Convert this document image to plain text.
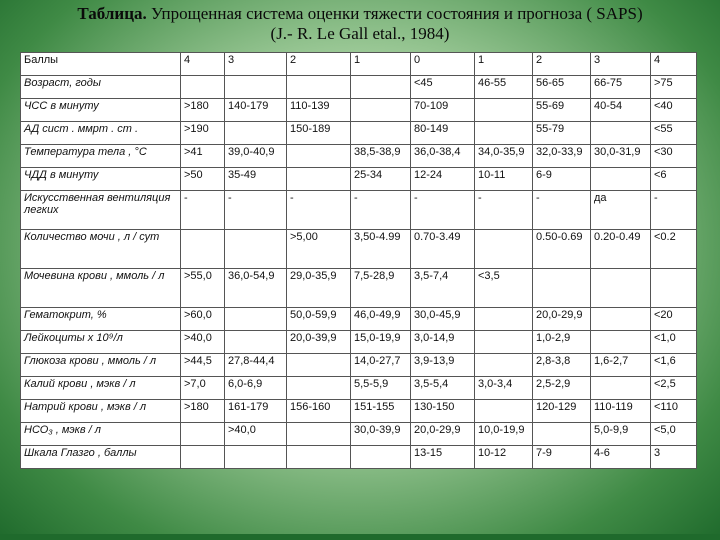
Таблица. Упрощенная система оценки тяжести состояния и прогноза ( SAPS)
(J.- R. Le Gall etal., 1984)
Баллы	4	3	2	1	0	1	2	3	4
Возраст, годы					<45	46-55	56-65	66-75	>75
ЧСС в минуту	>180	140-179	110-139		70-109		55-69	40-54	<40
АД сист . ммрт . ст .	>190		150-189		80-149		55-79		<55
Температура тела , °С	>41	39,0-40,9		38,5-38,9	36,0-38,4	34,0-35,9	32,0-33,9	30,0-31,9	<30
ЧДД в минуту	>50	35-49		25-34	12-24	10-11	6-9		<6
Искусственная вентиляция легких	-	-	-	-	-	-	-	да	-
Количество мочи , л / сут			>5,00	3,50-4.99	0.70-3.49		0.50-0.69	0.20-0.49	<0.2
Мочевина крови , ммоль / л	>55,0	36,0-54,9	29,0-35,9	7,5-28,9	3,5-7,4	<3,5			
Гематокрит, %	>60,0		50,0-59,9	46,0-49,9	30,0-45,9		20,0-29,9		<20
Лейкоциты х 10⁹/л	>40,0		20,0-39,9	15,0-19,9	3,0-14,9		1,0-2,9		<1,0
Глюкоза крови , ммоль / л	>44,5	27,8-44,4		14,0-27,7	3,9-13,9		2,8-3,8	1,6-2,7	<1,6
Калий крови , мэкв / л	>7,0	6,0-6,9		5,5-5,9	3,5-5,4	3,0-3,4	2,5-2,9		<2,5
Натрий крови , мэкв / л	>180	161-179	156-160	151-155	130-150		120-129	110-119	<110
НСО₃ , мэкв / л		>40,0		30,0-39,9	20,0-29,9	10,0-19,9		5,0-9,9	<5,0
Шкала Глазго , баллы					13-15	10-12	7-9	4-6	3
